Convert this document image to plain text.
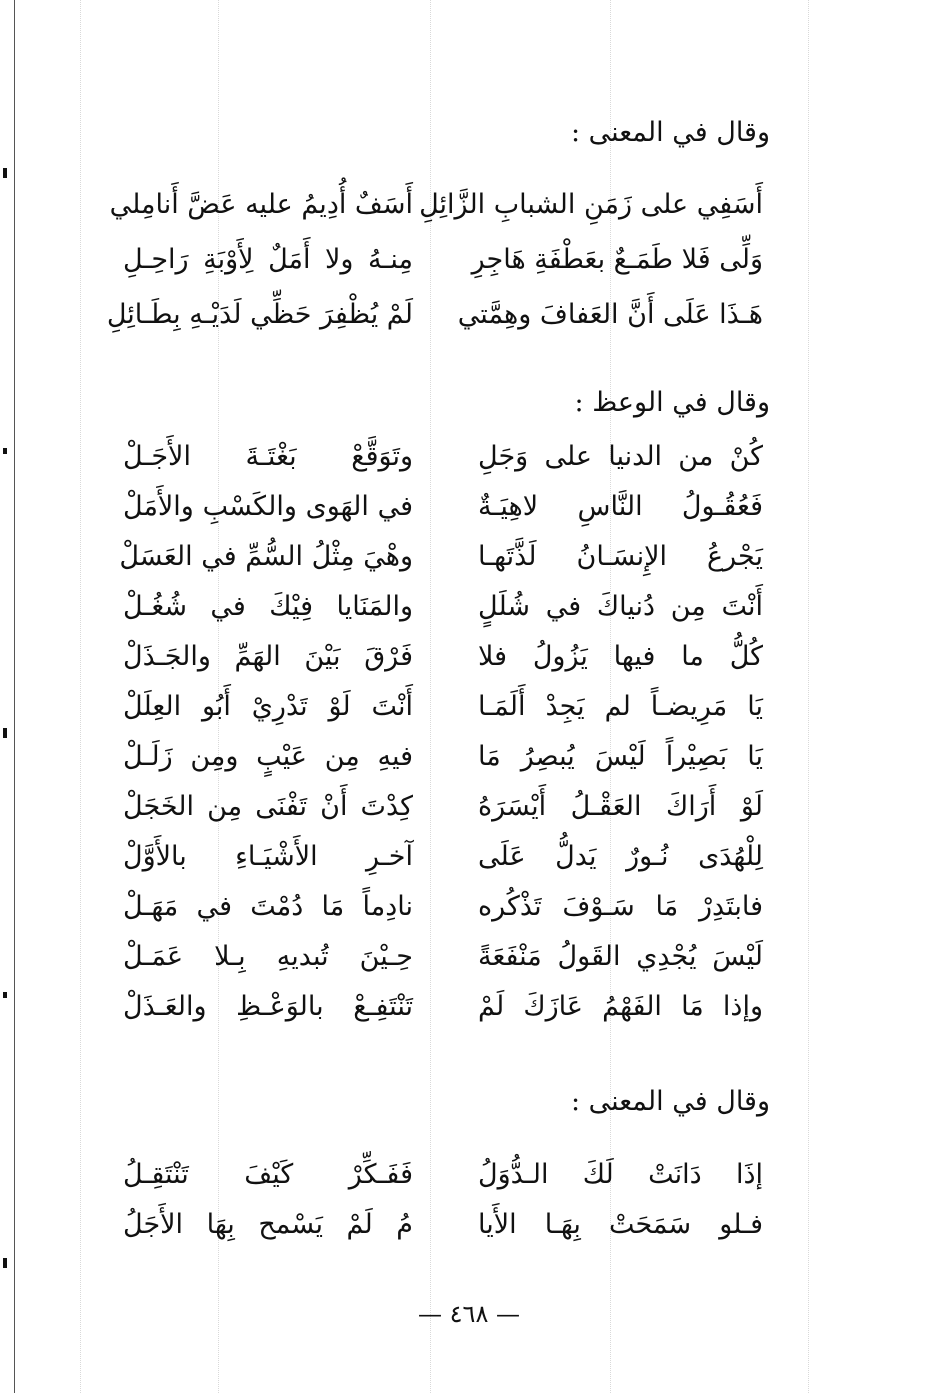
وقال في المعنى :
أَسَفِي على زَمَنِ الشبابِ الزَّائِلِ
أَسَفٌ أُدِيمُ عليه عَضَّ أَنامِلي
وَلِّى فَلا طَمَـعٌ بعَطْفَةِ هَاجِرِ
مِنـهُ ولا أَمَلٌ لِأَوْبَةِ رَاحِـلِ
هَـذَا عَلَى أَنَّ العَفافَ وهِمَّتي
لَمْ يُظْفِرَ حَظِّي لَدَيْـهِ بِطَـائِلِ
وقال في الوعظ :
كُنْ من الدنيا على وَجَلِ
وتَوَقَّعْ بَغْتَـةَ الأَجَـلْ
فَعُقُـولُ النَّاسِ لاهِيَـةٌ
في الهَوى والكَسْبِ والأَمَلْ
يَجْرعُ الإِنسَـانُ لَذَّتَهـا
وهْيَ مِثْلُ السُّمِّ في العَسَلْ
أَنْتَ مِن دُنياكَ في شُلَلٍ
والمَنَايا فِيْكَ في شُغُـلْ
كُلُّ ما فيها يَزُولُ فلا
فَرْقَ بَيْنَ الهَمِّ والجَـذَلْ
يَا مَرِيضـاً لم يَجِدْ أَلَمَـا
أَنْتَ لَوْ تَدْرِيْ أَبُو العِلَلْ
يَا بَصِيْراً لَيْسَ يُبصِرُ مَا
فيهِ مِن عَيْبٍ ومِن زَلَـلْ
لَوْ أَرَاكَ العَقْـلُ أَيْسَرَهُ
كِدْتَ أَنْ تَفْنَى مِن الخَجَلْ
لِلْهُدَى نُـورٌ يَدلُّ عَلَى
آخـرِ الأَشْيَـاءِ بالأَوَّلْ
فابتَدِرْ مَا سَـوْفَ تَذْكُره
نادِماً مَا دُمْتَ في مَهَـلْ
لَيْسَ يُجْدِي القَولُ مَنْفَعَةً
حِـيْنَ تُبديهِ بِـلا عَمَـلْ
وإذا مَا الفَهْمُ عَازَكَ لَمْ
تَنْتَفِـعْ بالوَعْـظِ والعَـذَلْ
وقال في المعنى :
إذَا دَانَتْ لَكَ الـدُّوَلُ
فَفَـكِّرْ كَيْفَ تَنْتَقِـلُ
فـلو سَمَحَتْ بِهَـا الأَيا
مُ لَمْ يَسْمح بِهَا الأَجَلُ
— ٤٦٨ —
